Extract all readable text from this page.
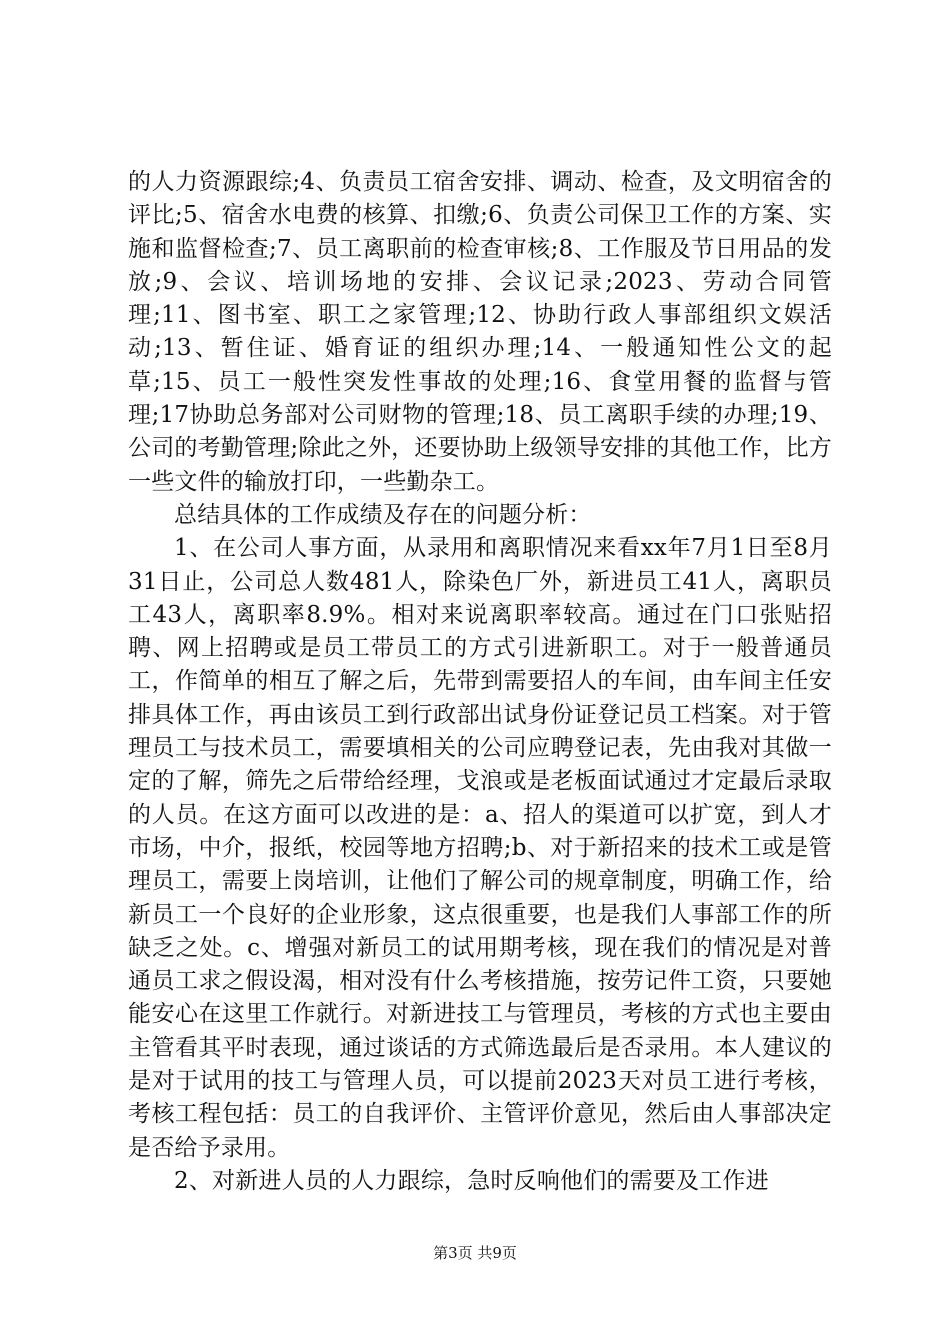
的人力资源跟综;4、负责员工宿舍安排、调动、检查，及文明宿舍的评比;5、宿舍水电费的核算、扣缴;6、负责公司保卫工作的方案、实施和监督检查;7、员工离职前的检查审核;8、工作服及节日用品的发放;9、会议、培训场地的安排、会议记录;2023、劳动合同管理;11、图书室、职工之家管理;12、协助行政人事部组织文娱活动;13、暂住证、婚育证的组织办理;14、一般通知性公文的起草;15、员工一般性突发性事故的处理;16、食堂用餐的监督与管理;17协助总务部对公司财物的管理;18、员工离职手续的办理;19、公司的考勤管理;除此之外，还要协助上级领导安排的其他工作，比方一些文件的输放打印，一些勤杂工。

总结具体的工作成绩及存在的问题分析：

1、在公司人事方面，从录用和离职情况来看xx年7月1日至8月31日止，公司总人数481人，除染色厂外，新进员工41人，离职员工43人，离职率8.9%。相对来说离职率较高。通过在门口张贴招聘、网上招聘或是员工带员工的方式引进新职工。对于一般普通员工，作简单的相互了解之后，先带到需要招人的车间，由车间主任安排具体工作，再由该员工到行政部出试身份证登记员工档案。对于管理员工与技术员工，需要填相关的公司应聘登记表，先由我对其做一定的了解，筛先之后带给经理，戈浪或是老板面试通过才定最后录取的人员。在这方面可以改进的是：a、招人的渠道可以扩宽，到人才市场，中介，报纸，校园等地方招聘;b、对于新招来的技术工或是管理员工，需要上岗培训，让他们了解公司的规章制度，明确工作，给新员工一个良好的企业形象，这点很重要，也是我们人事部工作的所缺乏之处。c、增强对新员工的试用期考核，现在我们的情况是对普通员工求之假设渴，相对没有什么考核措施，按劳记件工资，只要她能安心在这里工作就行。对新进技工与管理员，考核的方式也主要由主管看其平时表现，通过谈话的方式筛选最后是否录用。本人建议的是对于试用的技工与管理人员，可以提前2023天对员工进行考核，考核工程包括：员工的自我评价、主管评价意见，然后由人事部决定是否给予录用。

2、对新进人员的人力跟综，急时反响他们的需要及工作进

第3页 共9页
